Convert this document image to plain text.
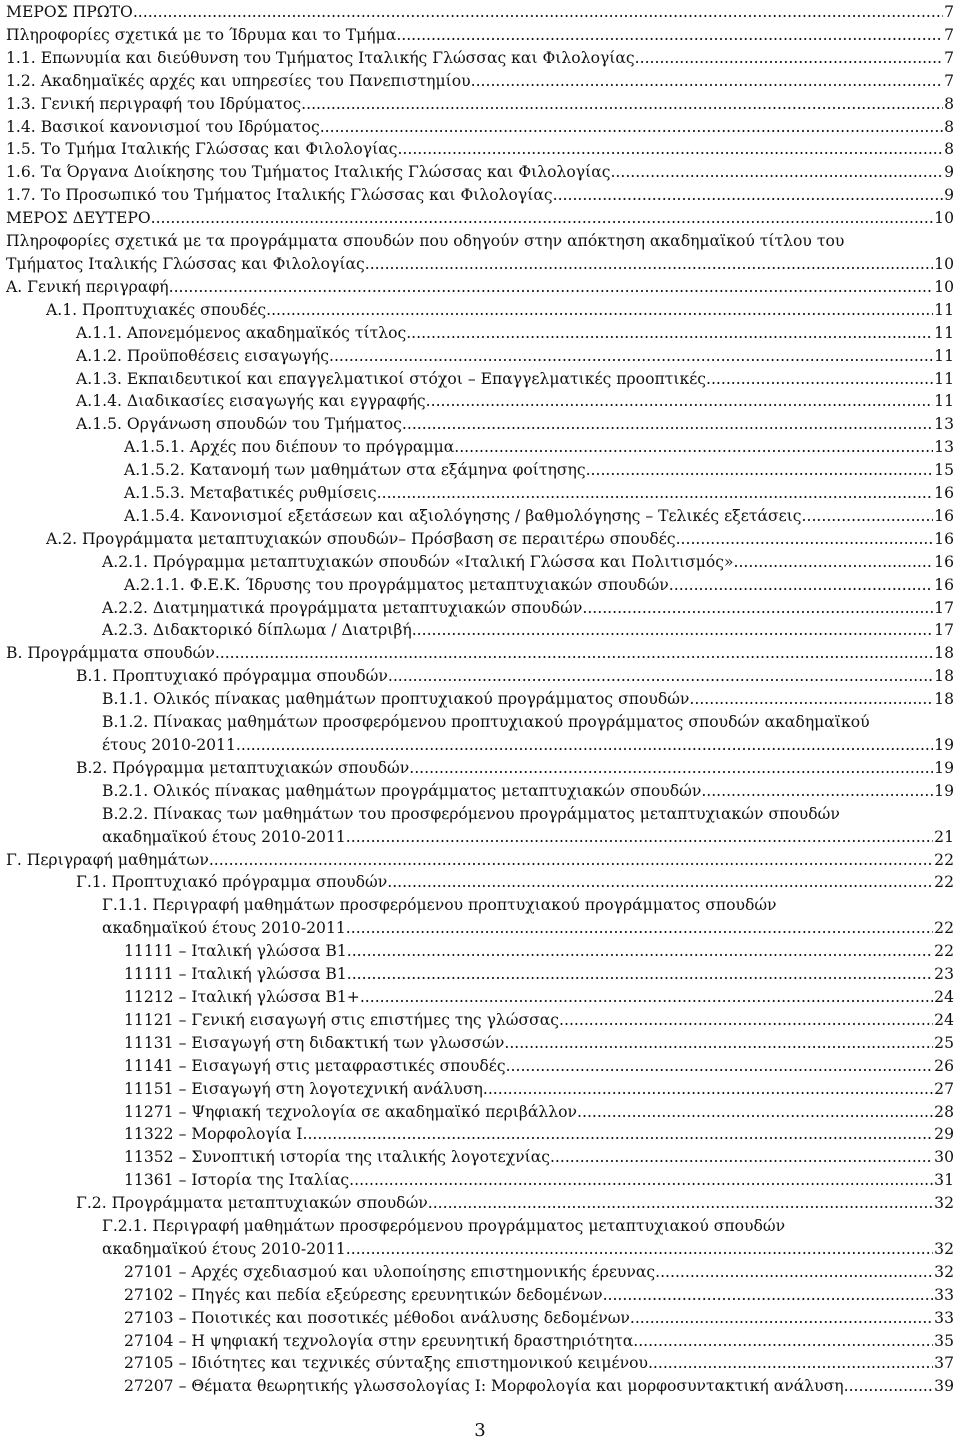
ΜΕΡΟΣ ΠΡΩΤΟ .....	7
Πληροφορίες σχετικά με το Ίδρυμα και το Τμήμα .....	7
1.1. Επωνυμία και διεύθυνση του Τμήματος Ιταλικής Γλώσσας και Φιλολογίας .....	7
1.2. Ακαδημαϊκές αρχές και υπηρεσίες του Πανεπιστημίου .....	7
1.3. Γενική περιγραφή του Ιδρύματος .....	8
1.4. Βασικοί κανονισμοί του Ιδρύματος .....	8
1.5. Το Τμήμα Ιταλικής Γλώσσας και Φιλολογίας .....	8
1.6. Τα Όργανα Διοίκησης του Τμήματος Ιταλικής Γλώσσας και Φιλολογίας .....	9
1.7. Το Προσωπικό του Τμήματος Ιταλικής Γλώσσας και Φιλολογίας .....	9
ΜΕΡΟΣ ΔΕΥΤΕΡΟ .....	10
Πληροφορίες σχετικά με τα προγράμματα σπουδών που οδηγούν στην απόκτηση ακαδημαϊκού τίτλου του
Τμήματος Ιταλικής Γλώσσας και Φιλολογίας .....	10
Α. Γενική περιγραφή .....	10
Α.1. Προπτυχιακές σπουδές .....	11
Α.1.1. Απονεμόμενος ακαδημαϊκός τίτλος .....	11
Α.1.2. Προϋποθέσεις εισαγωγής .....	11
Α.1.3. Εκπαιδευτικοί και επαγγελματικοί στόχοι – Επαγγελματικές προοπτικές .....	11
Α.1.4. Διαδικασίες εισαγωγής και εγγραφής .....	11
Α.1.5. Οργάνωση σπουδών του Τμήματος .....	13
Α.1.5.1. Αρχές που διέπουν το πρόγραμμα .....	13
Α.1.5.2. Κατανομή των μαθημάτων στα εξάμηνα φοίτησης .....	15
Α.1.5.3. Μεταβατικές ρυθμίσεις .....	16
Α.1.5.4. Κανονισμοί εξετάσεων και αξιολόγησης / βαθμολόγησης – Τελικές εξετάσεις .....	16
Α.2. Προγράμματα μεταπτυχιακών σπουδών– Πρόσβαση σε περαιτέρω σπουδές .....	16
Α.2.1. Πρόγραμμα μεταπτυχιακών σπουδών «Ιταλική Γλώσσα και Πολιτισμός» .....	16
Α.2.1.1. Φ.Ε.Κ. Ίδρυσης του προγράμματος μεταπτυχιακών σπουδών .....	16
Α.2.2. Διατμηματικά προγράμματα μεταπτυχιακών σπουδών .....	17
Α.2.3. Διδακτορικό δίπλωμα / Διατριβή .....	17
Β. Προγράμματα σπουδών .....	18
Β.1. Προπτυχιακό πρόγραμμα σπουδών .....	18
Β.1.1. Ολικός πίνακας μαθημάτων προπτυχιακού προγράμματος σπουδών .....	18
Β.1.2. Πίνακας μαθημάτων προσφερόμενου προπτυχιακού προγράμματος σπουδών ακαδημαϊκού
έτους 2010-2011 .....	19
Β.2. Πρόγραμμα μεταπτυχιακών σπουδών .....	19
Β.2.1. Ολικός πίνακας μαθημάτων προγράμματος μεταπτυχιακών σπουδών .....	19
Β.2.2. Πίνακας των μαθημάτων του προσφερόμενου προγράμματος μεταπτυχιακών σπουδών
ακαδημαϊκού έτους 2010-2011 .....	21
Γ. Περιγραφή μαθημάτων .....	22
Γ.1. Προπτυχιακό πρόγραμμα σπουδών .....	22
Γ.1.1. Περιγραφή μαθημάτων προσφερόμενου προπτυχιακού προγράμματος σπουδών
ακαδημαϊκού έτους 2010-2011 .....	22
11111 – Ιταλική γλώσσα Β1 .....	22
11111 – Ιταλική γλώσσα Β1 .....	23
11212 – Ιταλική γλώσσα Β1+ .....	24
11121 – Γενική εισαγωγή στις επιστήμες της γλώσσας .....	24
11131 – Εισαγωγή στη διδακτική των γλωσσών .....	25
11141 – Εισαγωγή στις μεταφραστικές σπουδές .....	26
11151 – Εισαγωγή στη λογοτεχνική ανάλυση .....	27
11271 – Ψηφιακή τεχνολογία σε ακαδημαϊκό περιβάλλον .....	28
11322 – Μορφολογία Ι .....	29
11352 – Συνοπτική ιστορία της ιταλικής λογοτεχνίας .....	30
11361 – Ιστορία της Ιταλίας .....	31
Γ.2. Προγράμματα μεταπτυχιακών σπουδών .....	32
Γ.2.1. Περιγραφή μαθημάτων προσφερόμενου προγράμματος μεταπτυχιακού σπουδών
ακαδημαϊκού έτους 2010-2011 .....	32
27101 – Αρχές σχεδιασμού και υλοποίησης επιστημονικής έρευνας .....	32
27102 – Πηγές και πεδία εξεύρεσης ερευνητικών δεδομένων .....	33
27103 – Ποιοτικές και ποσοτικές μέθοδοι ανάλυσης δεδομένων .....	33
27104 – Η ψηφιακή τεχνολογία στην ερευνητική δραστηριότητα .....	35
27105 – Ιδιότητες και τεχνικές σύνταξης επιστημονικού κειμένου .....	37
27207 – Θέματα θεωρητικής γλωσσολογίας Ι: Μορφολογία και μορφοσυντακτική ανάλυση .....	39
3
